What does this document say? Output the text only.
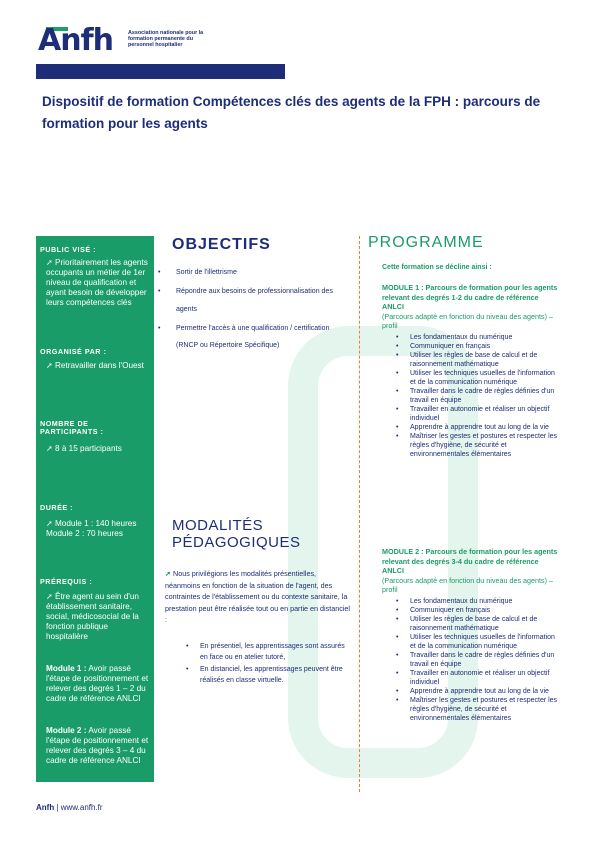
Anfh	Association nationale pour la formation permanente du personnel hospitalier
Dispositif de formation Compétences clés des agents de la FPH : parcours de formation pour les agents
PUBLIC VISÉ :
➚ Prioritairement les agents occupants un métier de 1er niveau de qualification et ayant besoin de développer leurs compétences clés
ORGANISÉ PAR :
➚ Retravailler dans l'Ouest
NOMBRE DE PARTICIPANTS :
➚ 8 à 15 participants
DURÉE :
➚ Module 1 : 140 heures
Module 2 : 70 heures
PRÉREQUIS :
➚ Être agent au sein d'un établissement sanitaire, social, médicosocial de la fonction publique hospitalière
Module 1 : Avoir passé l'étape de positionnement et relever des degrés 1 – 2 du cadre de référence ANLCI
Module 2 : Avoir passé l'étape de positionnement et relever des degrés 3 – 4 du cadre de référence ANLCI
OBJECTIFS
• Sortir de l'illettrisme
• Répondre aux besoins de professionnalisation des agents
• Permettre l'accès à une qualification / certification (RNCP ou Répertoire Spécifique)
PROGRAMME
Cette formation se décline ainsi :
MODULE 1 : Parcours de formation pour les agents relevant des degrés 1-2 du cadre de référence ANLCI
(Parcours adapté en fonction du niveau des agents) – profil
• Les fondamentaux du numérique
• Communiquer en français
• Utiliser les règles de base de calcul et de raisonnement mathématique
• Utiliser les techniques usuelles de l'information et de la communication numérique
• Travailler dans le cadre de règles définies d'un travail en équipe
• Travailler en autonomie et réaliser un objectif individuel
• Apprendre à apprendre tout au long de la vie
• Maîtriser les gestes et postures et respecter les règles d'hygiène, de sécurité et environnementales élémentaires
MODULE 2 : Parcours de formation pour les agents relevant des degrés 3-4 du cadre de référence ANLCI
(Parcours adapté en fonction du niveau des agents) – profil
• Les fondamentaux du numérique
• Communiquer en français
• Utiliser les règles de base de calcul et de raisonnement mathématique
• Utiliser les techniques usuelles de l'information et de la communication numérique
• Travailler dans le cadre de règles définies d'un travail en équipe
• Travailler en autonomie et réaliser un objectif individuel
• Apprendre à apprendre tout au long de la vie
• Maîtriser les gestes et postures et respecter les règles d'hygiène, de sécurité et environnementales élémentaires
MODALITÉS
PÉDAGOGIQUES
➚ Nous privilégions les modalités présentielles, néanmoins en fonction de la situation de l'agent, des contraintes de l'établissement ou du contexte sanitaire, la prestation peut être réalisée tout ou en partie en distanciel :
• En présentiel, les apprentissages sont assurés en face ou en atelier tutoré,
• En distanciel, les apprentissages peuvent être réalisés en classe virtuelle.
Anfh | www.anfh.fr
